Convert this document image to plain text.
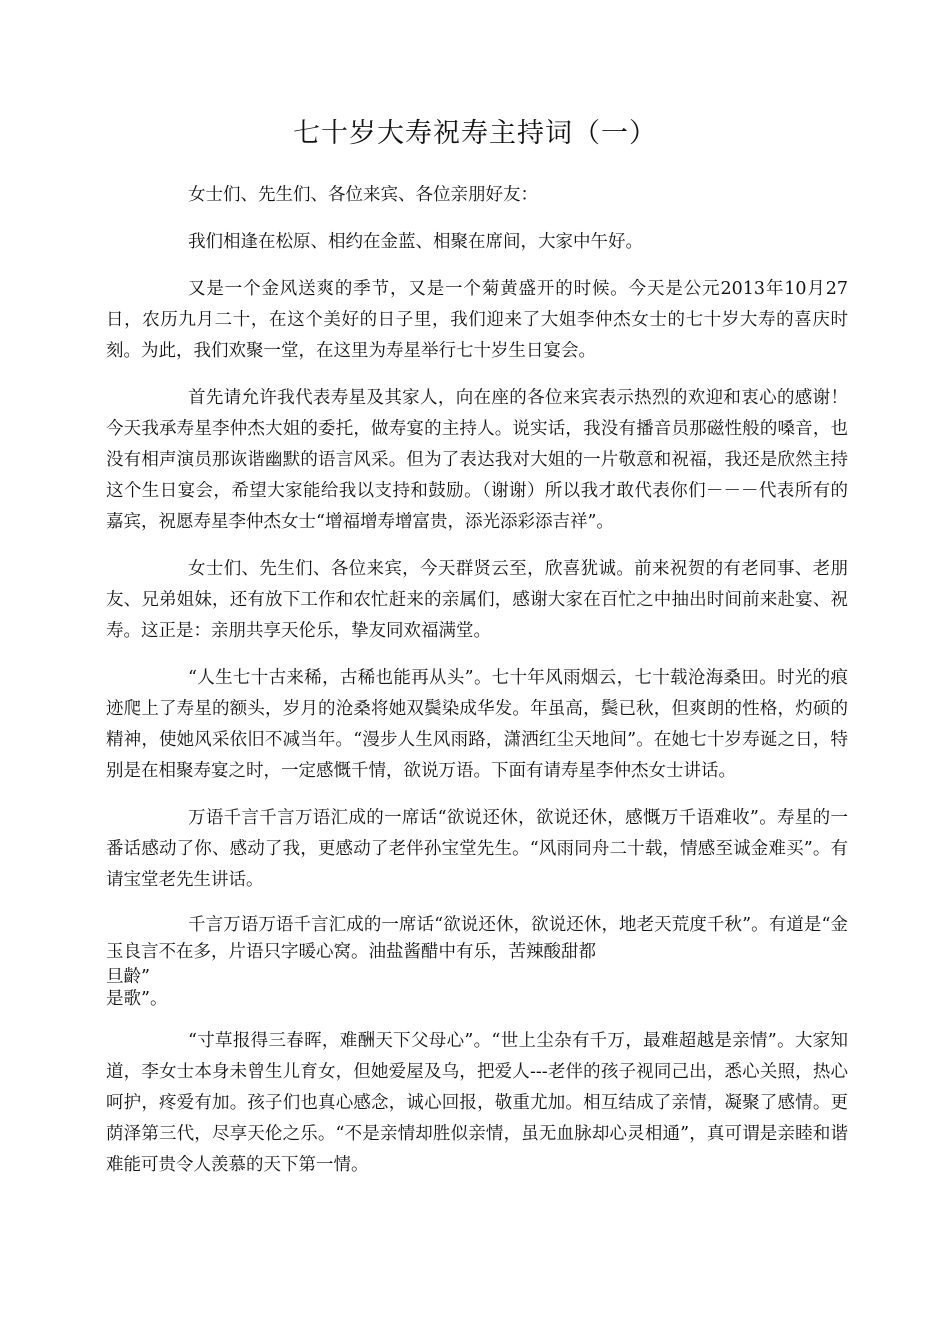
七十岁大寿祝寿主持词（一）

女士们、先生们、各位来宾、各位亲朋好友：

我们相逢在松原、相约在金蓝、相聚在席间，大家中午好。

又是一个金风送爽的季节，又是一个菊黄盛开的时候。今天是公元2013年10月27日，农历九月二十，在这个美好的日子里，我们迎来了大姐李仲杰女士的七十岁大寿的喜庆时刻。为此，我们欢聚一堂，在这里为寿星举行七十岁生日宴会。

首先请允许我代表寿星及其家人，向在座的各位来宾表示热烈的欢迎和衷心的感谢！今天我承寿星李仲杰大姐的委托，做寿宴的主持人。说实话，我没有播音员那磁性般的嗓音，也没有相声演员那诙谐幽默的语言风采。但为了表达我对大姐的一片敬意和祝福，我还是欣然主持这个生日宴会，希望大家能给我以支持和鼓励。（谢谢）所以我才敢代表你们－－－代表所有的嘉宾，祝愿寿星李仲杰女士“增福增寿增富贵，添光添彩添吉祥”。

女士们、先生们、各位来宾，今天群贤云至，欣喜犹诚。前来祝贺的有老同事、老朋友、兄弟姐妹，还有放下工作和农忙赶来的亲属们，感谢大家在百忙之中抽出时间前来赴宴、祝寿。这正是：亲朋共享天伦乐，挚友同欢福满堂。

“人生七十古来稀，古稀也能再从头”。七十年风雨烟云，七十载沧海桑田。时光的痕迹爬上了寿星的额头，岁月的沧桑将她双鬓染成华发。年虽高，鬓已秋，但爽朗的性格，灼硕的精神，使她风采依旧不减当年。“漫步人生风雨路，潇洒红尘天地间”。在她七十岁寿诞之日，特别是在相聚寿宴之时，一定感慨千情，欲说万语。下面有请寿星李仲杰女士讲话。

万语千言千言万语汇成的一席话“欲说还休，欲说还休，感慨万千语难收”。寿星的一番话感动了你、感动了我，更感动了老伴孙宝堂先生。“风雨同舟二十载，情感至诚金难买”。有请宝堂老先生讲话。

千言万语万语千言汇成的一席话“欲说还休，欲说还休，地老天荒度千秋”。有道是“金玉良言不在多，片语只字暖心窝。油盐酱醋中有乐，苦辣酸甜都

旦齡”
是歌”。

“寸草报得三春晖，难酬天下父母心”。“世上尘杂有千万，最难超越是亲情”。大家知道，李女士本身未曾生儿育女，但她爱屋及乌，把爱人---老伴的孩子视同己出，悉心关照，热心呵护，疼爱有加。孩子们也真心感念，诚心回报，敬重尤加。相互结成了亲情，凝聚了感情。更荫泽第三代，尽享天伦之乐。“不是亲情却胜似亲情，虽无血脉却心灵相通”，真可谓是亲睦和谐难能可贵令人羡慕的天下第一情。
